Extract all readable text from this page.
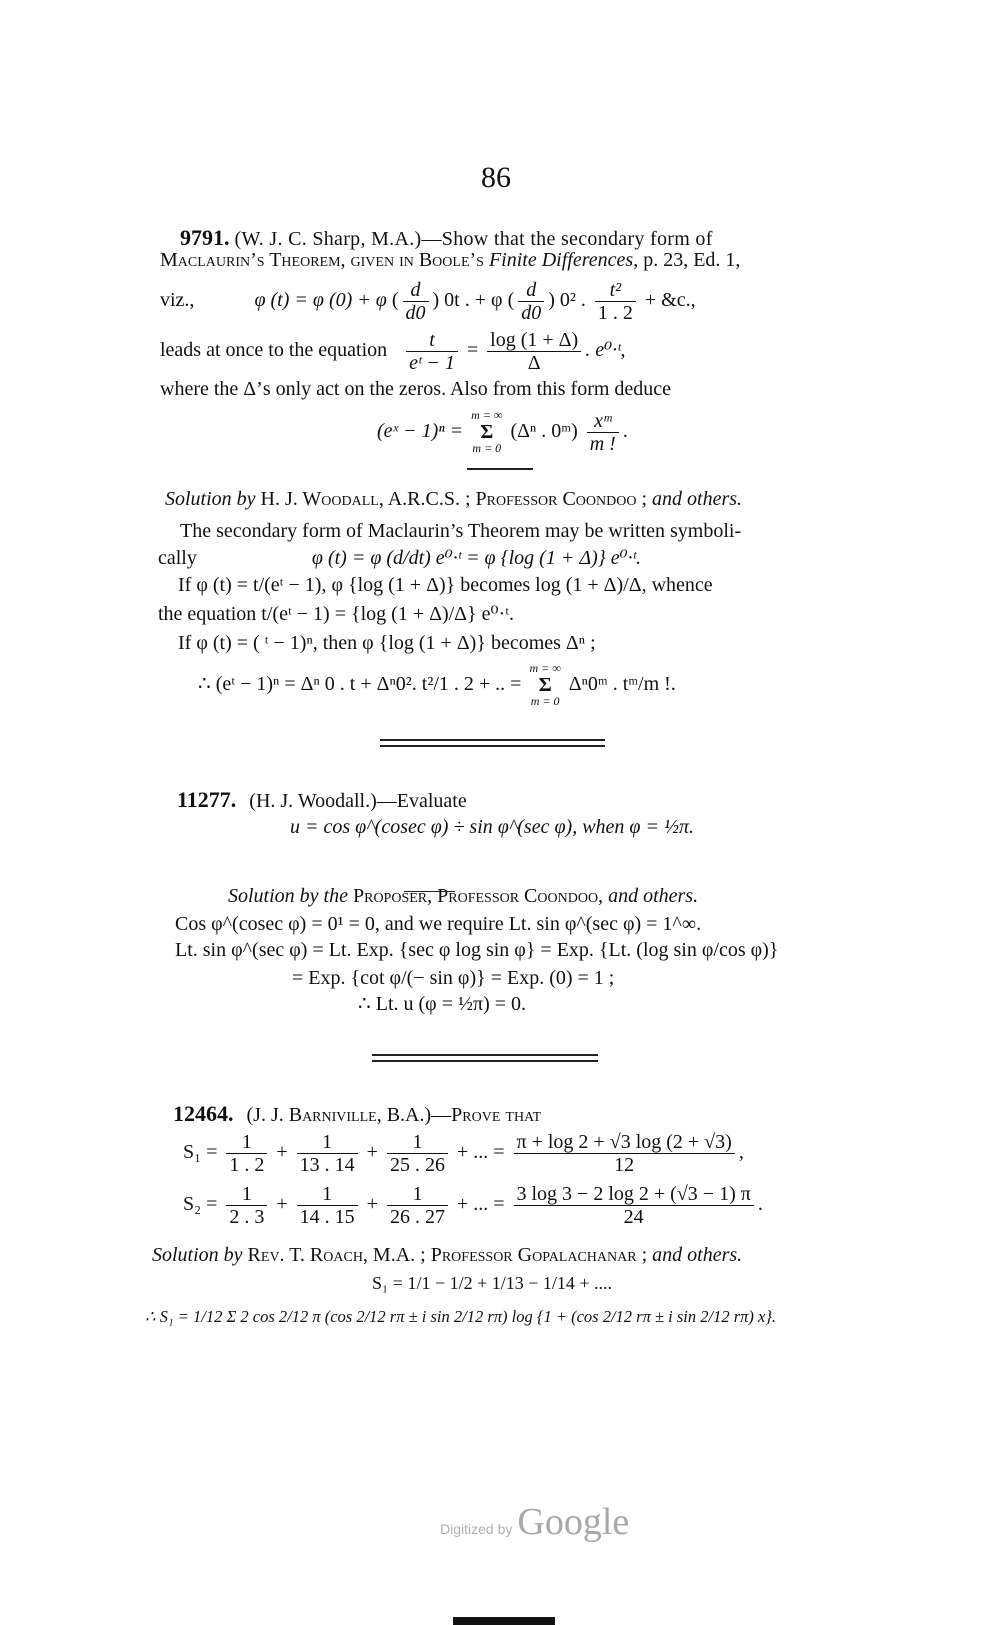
86
9791. (W. J. C. Sharp, M.A.)—Show that the secondary form of
Maclaurin’s Theorem, given in Boole’s Finite Differences, p. 23, Ed. 1,
viz.,	φ (t) = φ (0) + φ ( $\frac{d}{d0}$ ) 0t . + φ ( $\frac{d}{d0}$ ) 0² . $\frac{\text{t²}}{1 . 2}$ + &c.,
leads at once to the equation $\frac{t}{\text{eᵗ − 1}} = \frac{\log (1 + \Delta)}{\Delta}$ . e⁰·ᵗ,
where the Δ’s only act on the zeros. Also from this form deduce
(eˣ − 1)ⁿ =
m = ∞
Σ
m = 0
(Δⁿ . 0ᵐ) $\frac{\text{xᵐ}}{m !}$ .
Solution by H. J. Woodall, A.R.C.S. ; Professor Coondoo ; and others.
The secondary form of Maclaurin’s Theorem may be written symboli-
cally	φ (t) = φ (d/dt) e⁰·ᵗ = φ {log (1 + Δ)} e⁰·ᵗ.
If φ (t) = t/(eᵗ − 1), φ {log (1 + Δ)} becomes log (1 + Δ)/Δ, whence
the equation t/(eᵗ − 1) = {log (1 + Δ)/Δ} e⁰·ᵗ.
If φ (t) = ( ᵗ − 1)ⁿ, then φ {log (1 + Δ)} becomes Δⁿ ;
∴ (eᵗ − 1)ⁿ = Δⁿ 0 . t + Δⁿ0². t²/1 . 2 + .. =
m = ∞
Σ
m = 0
Δⁿ0ᵐ . tᵐ/m !.
11277. (H. J. Woodall.)—Evaluate
u = cos φ^(cosec φ) ÷ sin φ^(sec φ), when φ = ½π.
Solution by the Proposer, Professor Coondoo, and others.
Cos φ^(cosec φ) = 0¹ = 0, and we require Lt. sin φ^(sec φ) = 1^∞.
Lt. sin φ^(sec φ) = Lt. Exp. {sec φ log sin φ} = Exp. {Lt. (log sin φ/cos φ)}
= Exp. {cot φ/(− sin φ)} = Exp. (0) = 1 ;
∴ Lt. u (φ = ½π) = 0.
12464. (J. J. Barniville, B.A.)—Prove that
$S_1 = \frac{1}{1 . 2} + \frac{1}{13 . 14} + \frac{1}{25 . 26}$ + ... = $\frac{\pi + \log 2 + √3 \log (2 + √3)}{12}$ ,
$S_2 = \frac{1}{2 . 3} + \frac{1}{14 . 15} + \frac{1}{26 . 27}$ + ... = $\frac{3 \log 3 - 2 \log 2 + (√3 - 1) \pi}{24}$ .
Solution by Rev. T. Roach, M.A. ; Professor Gopalachanar ; and others.
S₁ = 1/1 − 1/2 + 1/13 − 1/14 + ....
∴ S₁ = 1/12 Σ 2 cos 2/12 π (cos 2/12 rπ ± i sin 2/12 rπ) log {1 + (cos 2/12 rπ ± i sin 2/12 rπ) x}.
Digitized by Google
